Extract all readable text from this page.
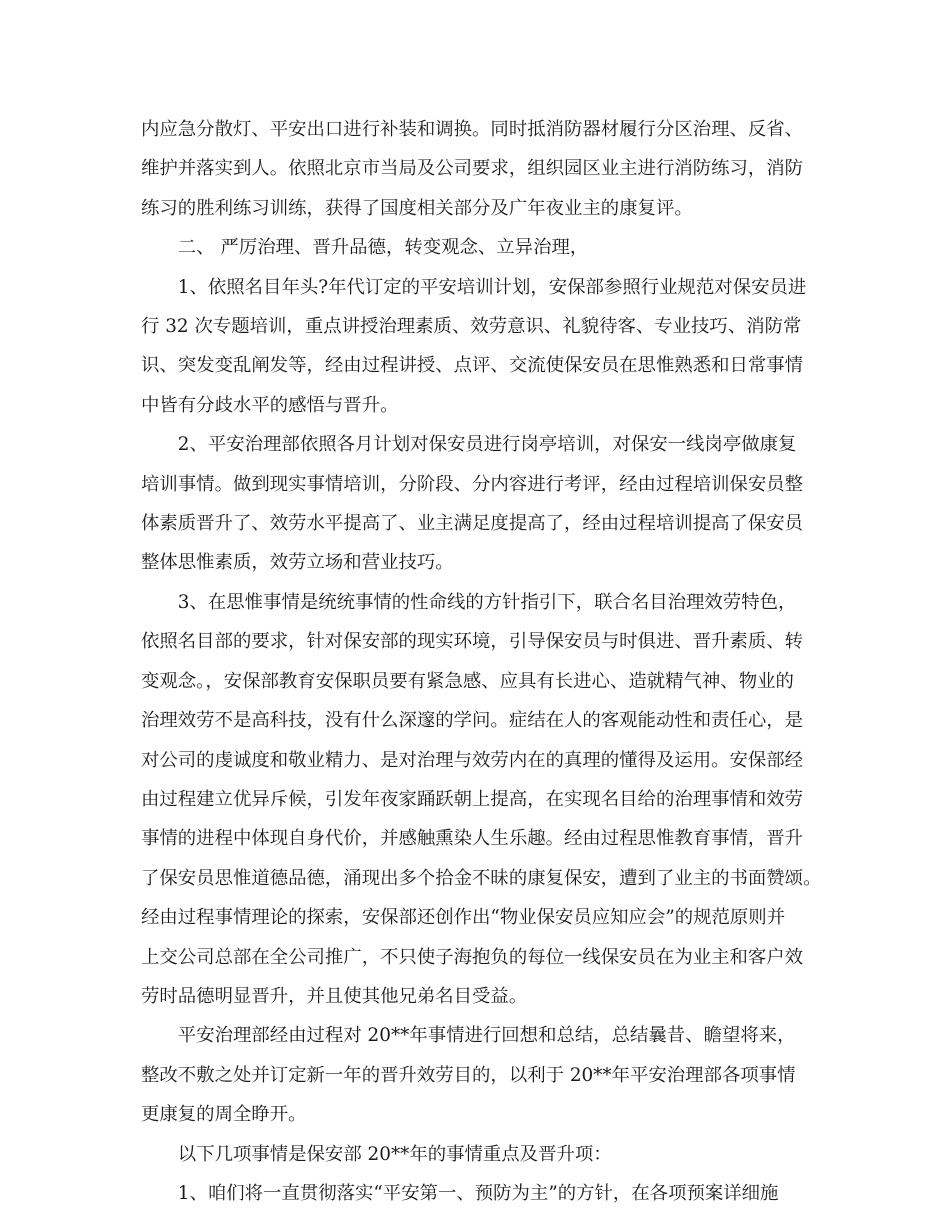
内应急分散灯、平安出口进行补装和调换。同时抵消防器材履行分区治理、反省、
维护并落实到人。依照北京市当局及公司要求，组织园区业主进行消防练习，消防
练习的胜利练习训练，获得了国度相关部分及广年夜业主的康复评。
二、 严厉治理、晋升品德，转变观念、立异治理，
1、依照名目年头?年代订定的平安培训计划，安保部参照行业规范对保安员进
行 32 次专题培训，重点讲授治理素质、效劳意识、礼貌待客、专业技巧、消防常
识、突发变乱阐发等，经由过程讲授、点评、交流使保安员在思惟熟悉和日常事情
中皆有分歧水平的感悟与晋升。
2、平安治理部依照各月计划对保安员进行岗亭培训，对保安一线岗亭做康复
培训事情。做到现实事情培训，分阶段、分内容进行考评，经由过程培训保安员整
体素质晋升了、效劳水平提高了、业主满足度提高了，经由过程培训提高了保安员
整体思惟素质，效劳立场和营业技巧。
3、在思惟事情是统统事情的性命线的方针指引下，联合名目治理效劳特色，
依照名目部的要求，针对保安部的现实环境，引导保安员与时俱进、晋升素质、转
变观念。，安保部教育安保职员要有紧急感、应具有长进心、造就精气神、物业的
治理效劳不是高科技，没有什么深邃的学问。症结在人的客观能动性和责任心，是
对公司的虔诚度和敬业精力、是对治理与效劳内在的真理的懂得及运用。安保部经
由过程建立优异斥候，引发年夜家踊跃朝上提高，在实现名目给的治理事情和效劳
事情的进程中体现自身代价，并感触熏染人生乐趣。经由过程思惟教育事情，晋升
了保安员思惟道德品德，涌现出多个拾金不昧的康复保安，遭到了业主的书面赞颂。
经由过程事情理论的探索，安保部还创作出“物业保安员应知应会”的规范原则并
上交公司总部在全公司推广，不只使子海抱负的每位一线保安员在为业主和客户效
劳时品德明显晋升，并且使其他兄弟名目受益。
平安治理部经由过程对 20**年事情进行回想和总结，总结曩昔、瞻望将来，
整改不敷之处并订定新一年的晋升效劳目的，以利于 20**年平安治理部各项事情
更康复的周全睁开。
以下几项事情是保安部 20**年的事情重点及晋升项：
1、咱们将一直贯彻落实“平安第一、预防为主”的方针，在各项预案详细施
